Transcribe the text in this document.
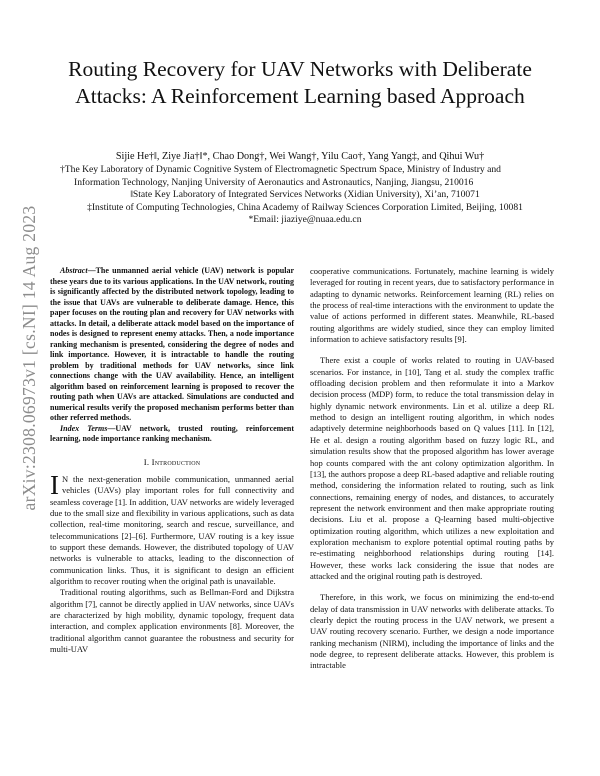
arXiv:2308.06973v1 [cs.NI] 14 Aug 2023
Routing Recovery for UAV Networks with Deliberate Attacks: A Reinforcement Learning based Approach
Sijie He†‖, Ziye Jia†‖*, Chao Dong†, Wei Wang†, Yilu Cao†, Yang Yang‡, and Qihui Wu†
†The Key Laboratory of Dynamic Cognitive System of Electromagnetic Spectrum Space, Ministry of Industry and
Information Technology, Nanjing University of Aeronautics and Astronautics, Nanjing, Jiangsu, 210016
‖State Key Laboratory of Integrated Services Networks (Xidian University), Xi’an, 710071
‡Institute of Computing Technologies, China Academy of Railway Sciences Corporation Limited, Beijing, 10081
*Email: jiaziye@nuaa.edu.cn

Abstract—The unmanned aerial vehicle (UAV) network is popular these years due to its various applications. In the UAV network, routing is significantly affected by the distributed network topology, leading to the issue that UAVs are vulnerable to deliberate damage. Hence, this paper focuses on the routing plan and recovery for UAV networks with attacks. In detail, a deliberate attack model based on the importance of nodes is designed to represent enemy attacks. Then, a node importance ranking mechanism is presented, considering the degree of nodes and link importance. However, it is intractable to handle the routing problem by traditional methods for UAV networks, since link connections change with the UAV availability. Hence, an intelligent algorithm based on reinforcement learning is proposed to recover the routing path when UAVs are attacked. Simulations are conducted and numerical results verify the proposed mechanism performs better than other referred methods.

Index Terms—UAV network, trusted routing, reinforcement learning, node importance ranking mechanism.

I. Introduction

I N the next-generation mobile communication, unmanned aerial vehicles (UAVs) play important roles for full connectivity and seamless coverage [1]. In addition, UAV networks are widely leveraged due to the small size and flexibility in various applications, such as data collection, real-time monitoring, search and rescue, surveillance, and telecommunications [2]–[6]. Furthermore, UAV routing is a key issue to support these demands. However, the distributed topology of UAV networks is vulnerable to attacks, leading to the disconnection of communication links. Thus, it is significant to design an efficient algorithm to recover routing when the original path is unavailable.

Traditional routing algorithms, such as Bellman-Ford and Dijkstra algorithm [7], cannot be directly applied in UAV networks, since UAVs are characterized by high mobility, dynamic topology, frequent data interaction, and complex application environments [8]. Moreover, the traditional algorithm cannot guarantee the robustness and security for multi-UAV

cooperative communications. Fortunately, machine learning is widely leveraged for routing in recent years, due to satisfactory performance in adapting to dynamic networks. Reinforcement learning (RL) relies on the process of real-time interactions with the environment to update the value of actions performed in different states. Meanwhile, RL-based routing algorithms are widely studied, since they can employ limited information to achieve satisfactory results [9].

There exist a couple of works related to routing in UAV-based scenarios. For instance, in [10], Tang et al. study the complex traffic offloading decision problem and then reformulate it into a Markov decision process (MDP) form, to reduce the total transmission delay in highly dynamic network environments. Lin et al. utilize a deep RL method to design an intelligent routing algorithm, in which nodes adaptively determine neighborhoods based on Q values [11]. In [12], He et al. design a routing algorithm based on fuzzy logic RL, and simulation results show that the proposed algorithm has lower average hop counts compared with the ant colony optimization algorithm. In [13], the authors propose a deep RL-based adaptive and reliable routing method, considering the information related to routing, such as link connections, remaining energy of nodes, and distances, to accurately represent the network environment and then make appropriate routing decisions. Liu et al. propose a Q-learning based multi-objective optimization routing algorithm, which utilizes a new exploitation and exploration mechanism to explore potential optimal routing paths by re-estimating neighborhood relationships during routing [14]. However, these works lack considering the issue that nodes are attacked and the original routing path is destroyed.

Therefore, in this work, we focus on minimizing the end-to-end delay of data transmission in UAV networks with deliberate attacks. To clearly depict the routing process in the UAV network, we present a UAV routing recovery scenario. Further, we design a node importance ranking mechanism (NIRM), including the importance of links and the node degree, to represent deliberate attacks. However, this problem is intractable
